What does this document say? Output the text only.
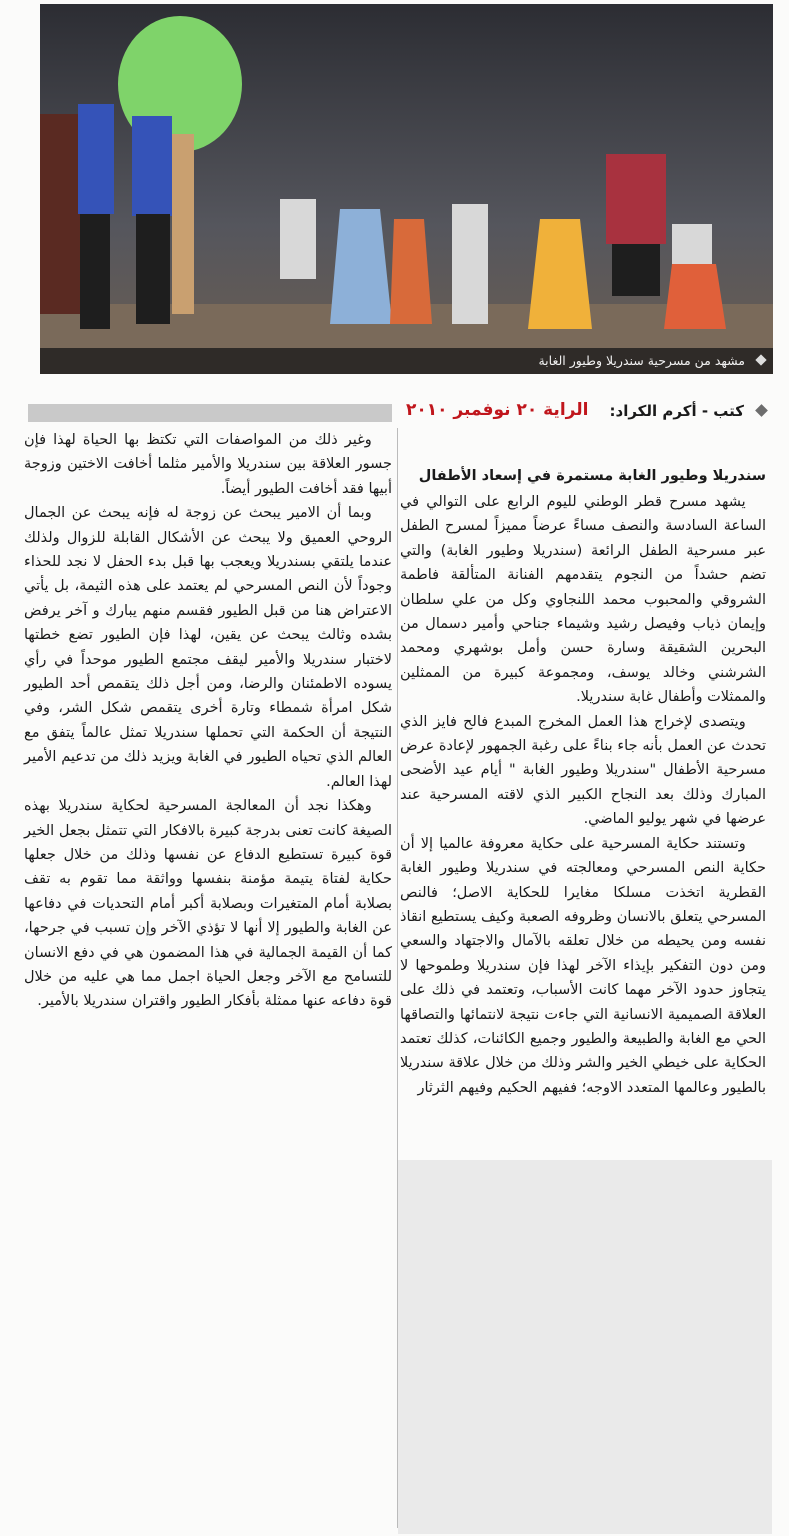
مشهد من مسرحية سندريلا وطيور الغابة
كتب - أكرم الكراد:
الراية ٢٠ نوفمبر ٢٠١٠
سندريلا وطيور الغابة مستمرة في إسعاد الأطفال

يشهد مسرح قطر الوطني لليوم الرابع على التوالي في الساعة السادسة والنصف مساءً عرضاً مميزاً لمسرح الطفل عبر مسرحية الطفل الرائعة (سندريلا وطيور الغابة) والتي تضم حشداً من النجوم يتقدمهم الفنانة المتألقة فاطمة الشروقي والمحبوب محمد اللنجاوي وكل من علي سلطان وإيمان ذياب وفيصل رشيد وشيماء جناحي وأمير دسمال من البحرين الشقيقة وسارة حسن وأمل بوشهري ومحمد الشرشني وخالد يوسف، ومجموعة كبيرة من الممثلين والممثلات وأطفال غابة سندريلا.

ويتصدى لإخراج هذا العمل المخرج المبدع فالح فايز الذي تحدث عن العمل بأنه جاء بناءً على رغبة الجمهور لإعادة عرض مسرحية الأطفال "سندريلا وطيور الغابة " أيام عيد الأضحى المبارك وذلك بعد النجاح الكبير الذي لاقته المسرحية عند عرضها في شهر يوليو الماضي.

وتستند حكاية المسرحية على حكاية معروفة عالميا إلا أن حكاية النص المسرحي ومعالجته في سندريلا وطيور الغابة القطرية اتخذت مسلكا مغايرا للحكاية الاصل؛ فالنص المسرحي يتعلق بالانسان وظروفه الصعبة وكيف يستطيع انقاذ نفسه ومن يحيطه من خلال تعلقه بالآمال والاجتهاد والسعي ومن دون التفكير بإيذاء الآخر لهذا فإن سندريلا وطموحها لا يتجاوز حدود الآخر مهما كانت الأسباب، وتعتمد في ذلك على العلاقة الصميمية الانسانية التي جاءت نتيجة لانتمائها والتصاقها الحي مع الغابة والطبيعة والطيور وجميع الكائنات، كذلك تعتمد الحكاية على خيطي الخير والشر وذلك من خلال علاقة سندريلا بالطيور وعالمها المتعدد الاوجه؛ ففيهم الحكيم وفيهم الثرثار

وغير ذلك من المواصفات التي تكتظ بها الحياة لهذا فإن جسور العلاقة بين سندريلا والأمير مثلما أخافت الاختين وزوجة أبيها فقد أخافت الطيور أيضاً.

وبما أن الامير يبحث عن زوجة له فإنه يبحث عن الجمال الروحي العميق ولا يبحث عن الأشكال القابلة للزوال ولذلك عندما يلتقي بسندريلا ويعجب بها قبل بدء الحفل لا نجد للحذاء وجوداً لأن النص المسرحي لم يعتمد على هذه الثيمة، بل يأتي الاعتراض هنا من قبل الطيور فقسم منهم يبارك و آخر يرفض بشده وثالث يبحث عن يقين، لهذا فإن الطيور تضع خطتها لاختبار سندريلا والأمير ليقف مجتمع الطيور موحداً في رأي يسوده الاطمئنان والرضا، ومن أجل ذلك يتقمص أحد الطيور شكل امرأة شمطاء وتارة أخرى يتقمص شكل الشر، وفي النتيجة أن الحكمة التي تحملها سندريلا تمثل عالماً يتفق مع العالم الذي تحياه الطيور في الغابة ويزيد ذلك من تدعيم الأمير لهذا العالم.

وهكذا نجد أن المعالجة المسرحية لحكاية سندريلا بهذه الصيغة كانت تعنى بدرجة كبيرة بالافكار التي تتمثل بجعل الخير قوة كبيرة تستطيع الدفاع عن نفسها وذلك من خلال جعلها حكاية لفتاة يتيمة مؤمنة بنفسها وواثقة مما تقوم به تقف بصلابة أمام المتغيرات وبصلابة أكبر أمام التحديات في دفاعها عن الغابة والطيور إلا أنها لا تؤذي الآخر وإن تسبب في جرحها، كما أن القيمة الجمالية في هذا المضمون هي في دفع الانسان للتسامح مع الآخر وجعل الحياة اجمل مما هي عليه من خلال قوة دفاعه عنها ممثلة بأفكار الطيور واقتران سندريلا بالأمير.
